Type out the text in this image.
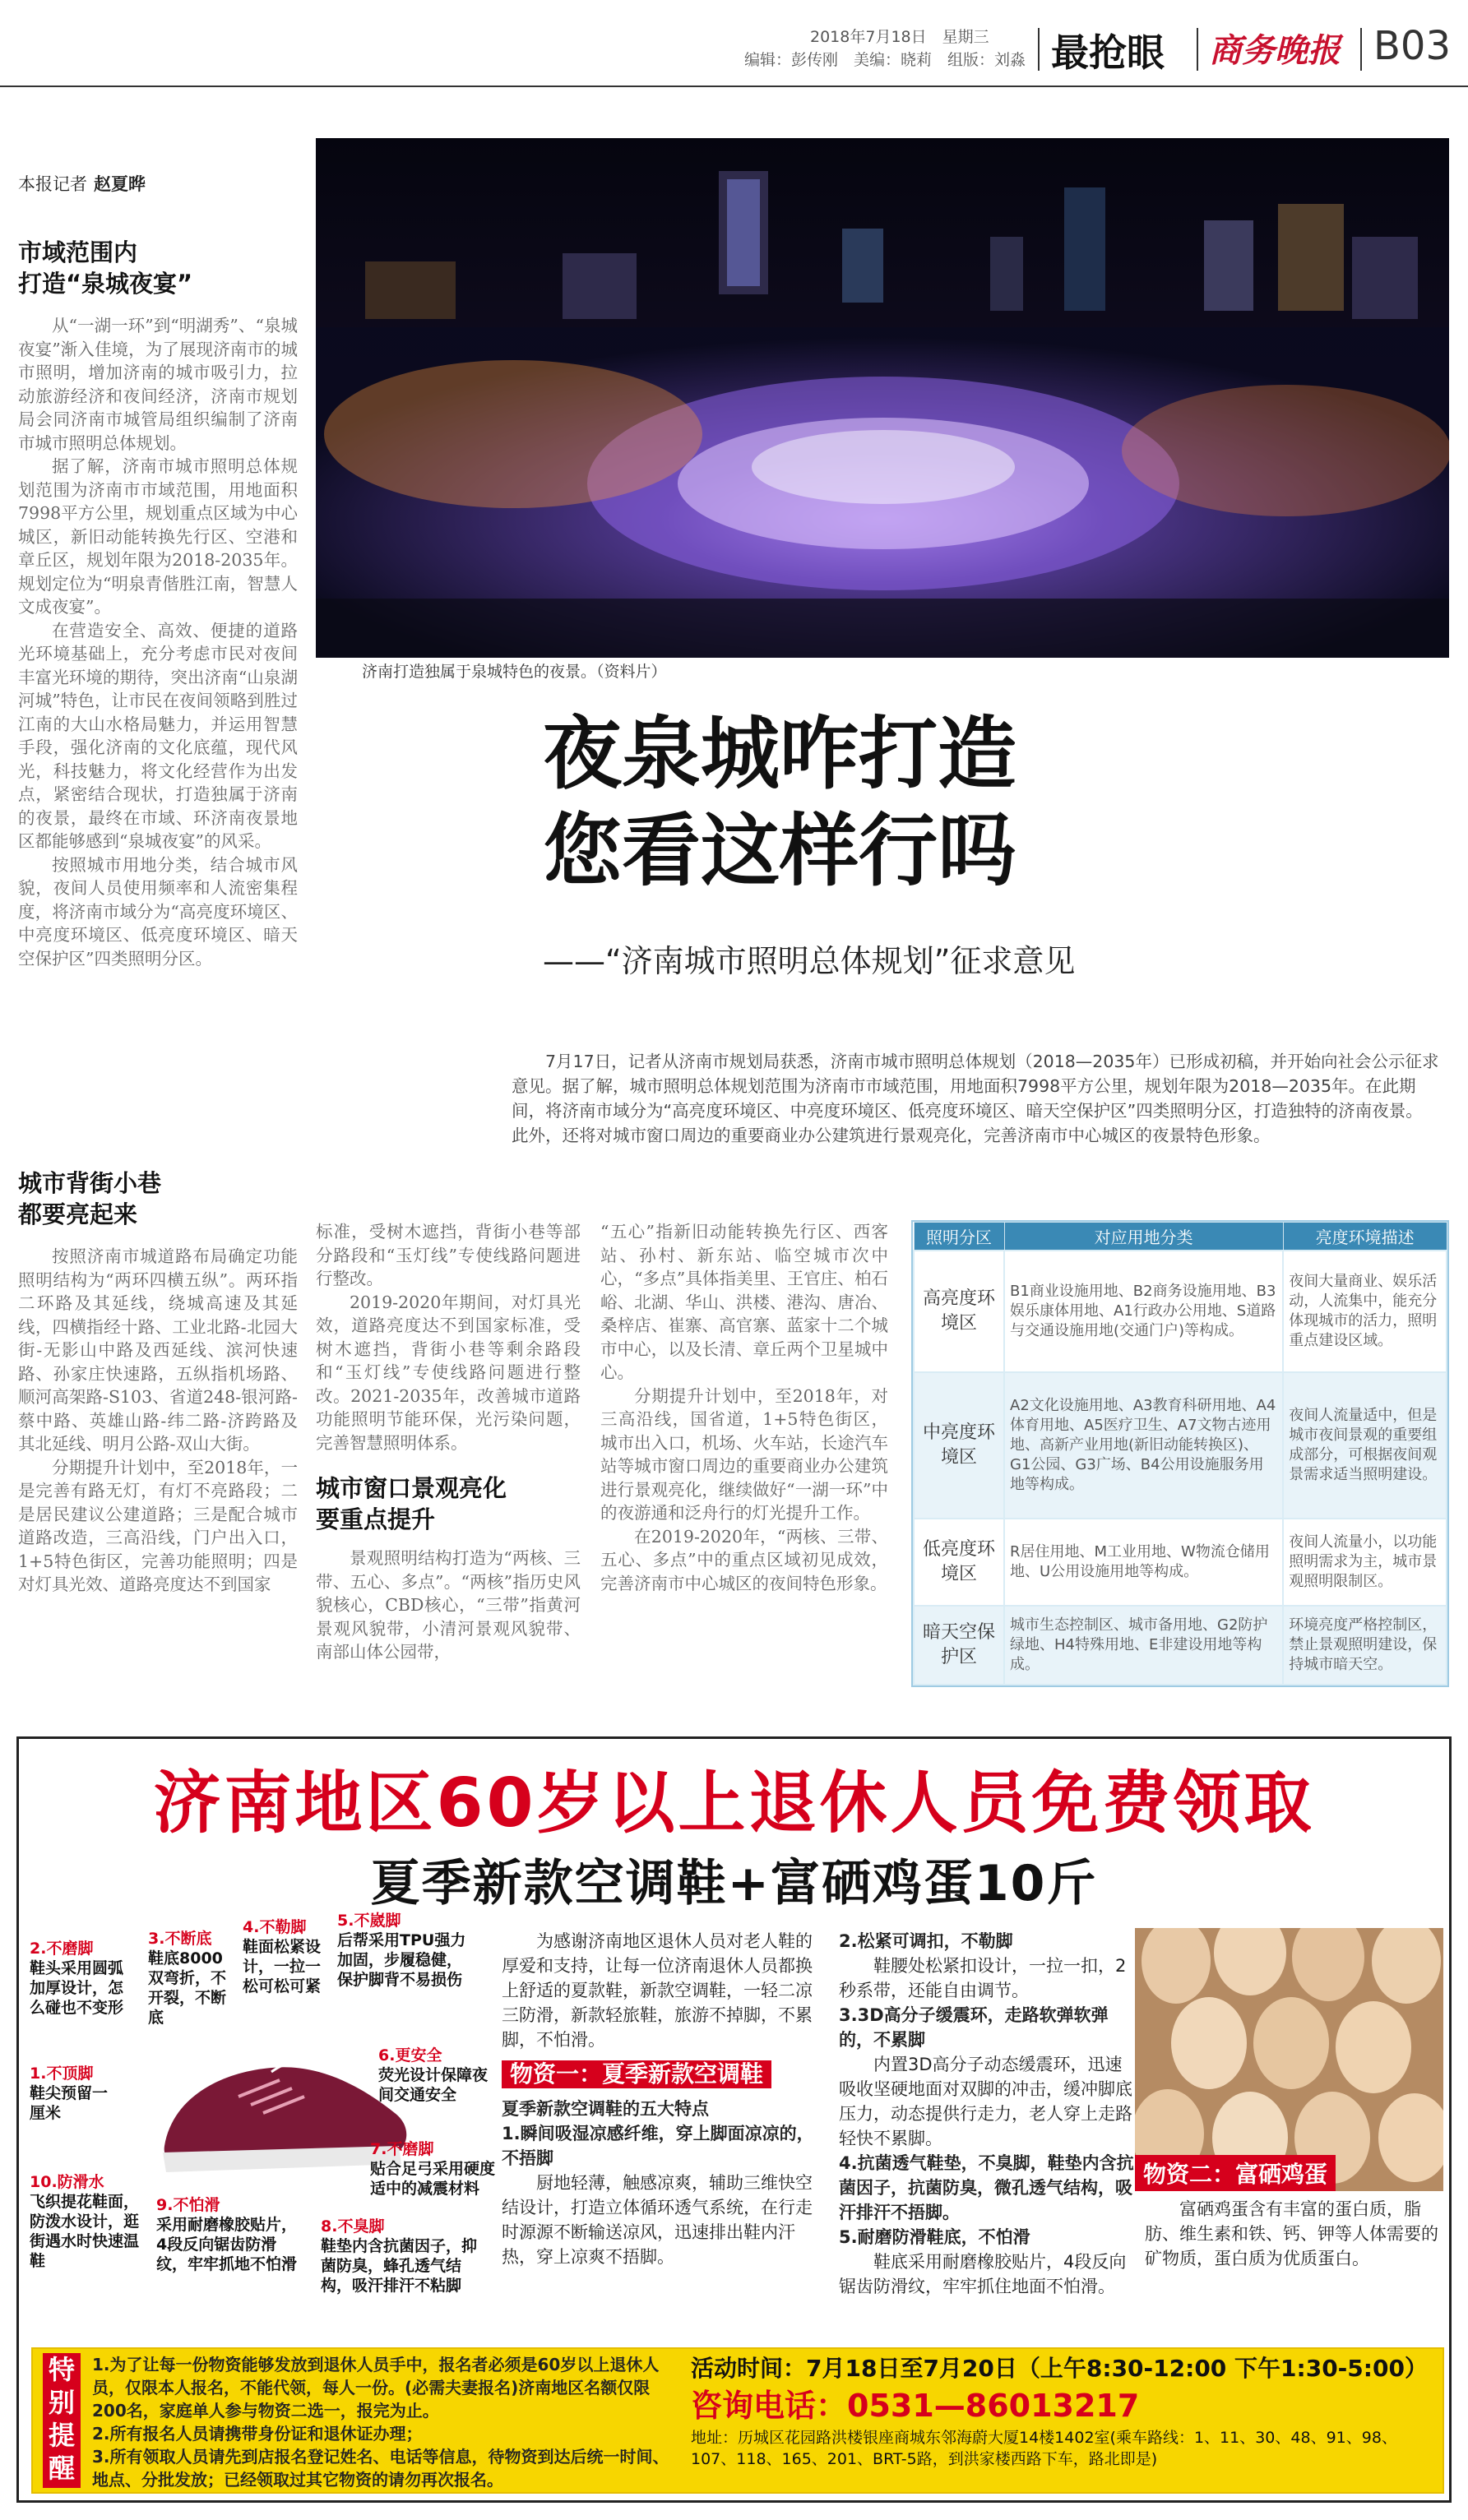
2018年7月18日　星期三
编辑：彭传刚　美编：晓莉　组版：刘淼 最抢眼 商务晚报 B03
本报记者 赵夏晔
市域范围内
打造“泉城夜宴”

从“一湖一环”到“明湖秀”、“泉城夜宴”渐入佳境，为了展现济南市的城市照明，增加济南的城市吸引力，拉动旅游经济和夜间经济，济南市规划局会同济南市城管局组织编制了济南市城市照明总体规划。

据了解，济南市城市照明总体规划范围为济南市市域范围，用地面积7998平方公里，规划重点区域为中心城区，新旧动能转换先行区、空港和章丘区，规划年限为2018-2035年。规划定位为“明泉青偕胜江南，智慧人文成夜宴”。

在营造安全、高效、便捷的道路光环境基础上，充分考虑市民对夜间丰富光环境的期待，突出济南“山泉湖河城”特色，让市民在夜间领略到胜过江南的大山水格局魅力，并运用智慧手段，强化济南的文化底蕴，现代风光，科技魅力，将文化经营作为出发点，紧密结合现状，打造独属于济南的夜景，最终在市域、环济南夜景地区都能够感到“泉城夜宴”的风采。

按照城市用地分类，结合城市风貌，夜间人员使用频率和人流密集程度，将济南市域分为“高亮度环境区、中亮度环境区、低亮度环境区、暗天空保护区”四类照明分区。

城市背街小巷
都要亮起来

按照济南市城道路布局确定功能照明结构为“两环四横五纵”。两环指二环路及其延线，绕城高速及其延线，四横指经十路、工业北路-北园大街-无影山中路及西延线、滨河快速路、孙家庄快速路，五纵指机场路、顺河高架路-S103、省道248-银河路-蔡中路、英雄山路-纬二路-济跨路及其北延线、明月公路-双山大街。

分期提升计划中，至2018年，一是完善有路无灯，有灯不亮路段；二是居民建议公建道路；三是配合城市道路改造，三高沿线，门户出入口，1+5特色街区，完善功能照明；四是对灯具光效、道路亮度达不到国家

标准，受树木遮挡，背街小巷等部分路段和“玉灯线”专使线路问题进行整改。

2019-2020年期间，对灯具光效，道路亮度达不到国家标准，受树木遮挡，背街小巷等剩余路段和“玉灯线”专使线路问题进行整改。2021-2035年，改善城市道路功能照明节能环保，光污染问题，完善智慧照明体系。

城市窗口景观亮化
要重点提升

景观照明结构打造为“两核、三带、五心、多点”。“两核”指历史风貌核心，CBD核心，“三带”指黄河景观风貌带，小清河景观风貌带、南部山体公园带，

“五心”指新旧动能转换先行区、西客站、孙村、新东站、临空城市次中心，“多点”具体指美里、王官庄、柏石峪、北湖、华山、洪楼、港沟、唐冶、桑梓店、崔寨、高官寨、蓝家十二个城市中心，以及长清、章丘两个卫星城中心。

分期提升计划中，至2018年，对三高沿线，国省道，1+5特色街区，城市出入口，机场、火车站，长途汽车站等城市窗口周边的重要商业办公建筑进行景观亮化，继续做好“一湖一环”中的夜游通和泛舟行的灯光提升工作。

在2019-2020年，“两核、三带、五心、多点”中的重点区域初见成效，完善济南市中心城区的夜间特色形象。

济南打造独属于泉城特色的夜景。（资料片）
夜泉城咋打造
您看这样行吗
——“济南城市照明总体规划”征求意见

7月17日，记者从济南市规划局获悉，济南市城市照明总体规划（2018—2035年）已形成初稿，并开始向社会公示征求意见。据了解，城市照明总体规划范围为济南市市域范围，用地面积7998平方公里，规划年限为2018—2035年。在此期间，将济南市域分为“高亮度环境区、中亮度环境区、低亮度环境区、暗天空保护区”四类照明分区，打造独特的济南夜景。此外，还将对城市窗口周边的重要商业办公建筑进行景观亮化，完善济南市中心城区的夜景特色形象。

照明分区	对应用地分类	亮度环境描述
高亮度环境区	B1商业设施用地、B2商务设施用地、B3娱乐康体用地、A1行政办公用地、S道路与交通设施用地(交通门户)等构成。	夜间大量商业、娱乐活动，人流集中，能充分体现城市的活力，照明重点建设区域。
中亮度环境区	A2文化设施用地、A3教育科研用地、A4体育用地、A5医疗卫生、A7文物古迹用地、高新产业用地(新旧动能转换区)、G1公园、G3广场、B4公用设施服务用地等构成。	夜间人流量适中，但是城市夜间景观的重要组成部分，可根据夜间观景需求适当照明建设。
低亮度环境区	R居住用地、M工业用地、W物流仓储用地、U公用设施用地等构成。	夜间人流量小，以功能照明需求为主，城市景观照明限制区。
暗天空保护区	城市生态控制区、城市备用地、G2防护绿地、H4特殊用地、E非建设用地等构成。	环境亮度严格控制区，禁止景观照明建设，保持城市暗天空。
济南地区60岁以上退休人员免费领取
夏季新款空调鞋+富硒鸡蛋10斤
2.不磨脚
鞋头采用圆弧加厚设计，怎么碰也不变形
3.不断底
鞋底8000双弯折，不开裂，不断底
4.不勒脚
鞋面松紧设计，一拉一松可松可紧
5.不崴脚
后帮采用TPU强力加固，步履稳健，保护脚背不易损伤
6.更安全
荧光设计保障夜间交通安全
1.不顶脚
鞋尖预留一厘米
7.不磨脚
贴合足弓采用硬度适中的减震材料
10.防滑水
飞织提花鞋面，防泼水设计，逛街遇水时快速温鞋
9.不怕滑
采用耐磨橡胶贴片，4段反向锯齿防滑纹，牢牢抓地不怕滑
8.不臭脚
鞋垫内含抗菌因子，抑菌防臭，蜂孔透气结构，吸汗排汗不粘脚
为感谢济南地区退休人员对老人鞋的厚爱和支持，让每一位济南退休人员都换上舒适的夏款鞋，新款空调鞋，一轻二凉三防滑，新款轻旅鞋，旅游不掉脚，不累脚，不怕滑。
物资一：夏季新款空调鞋
夏季新款空调鞋的五大特点
1.瞬间吸湿凉感纤维，穿上脚面凉凉的，不捂脚
厨地轻薄，触感凉爽，辅助三维快空结设计，打造立体循环透气系统，在行走时源源不断输送凉风，迅速排出鞋内汗热，穿上凉爽不捂脚。
2.松紧可调扣，不勒脚
鞋腰处松紧扣设计，一拉一扣，2秒系带，还能自由调节。
3.3D高分子缓震环，走路软弹软弹的，不累脚
内置3D高分子动态缓震环，迅速吸收坚硬地面对双脚的冲击，缓冲脚底压力，动态提供行走力，老人穿上走路轻快不累脚。
4.抗菌透气鞋垫，不臭脚，鞋垫内含抗菌因子，抗菌防臭，微孔透气结构，吸汗排汗不捂脚。
5.耐磨防滑鞋底，不怕滑
鞋底采用耐磨橡胶贴片，4段反向锯齿防滑纹，牢牢抓住地面不怕滑。
物资二：富硒鸡蛋
富硒鸡蛋含有丰富的蛋白质，脂肪、维生素和铁、钙、钾等人体需要的矿物质，蛋白质为优质蛋白。
特别提醒
1.为了让每一份物资能够发放到退休人员手中，报名者必须是60岁以上退休人员，仅限本人报名，不能代领，每人一份。(必需夫妻报名)济南地区名额仅限200名，家庭单人参与物资二选一，报完为止。
2.所有报名人员请携带身份证和退休证办理；
3.所有领取人员请先到店报名登记姓名、电话等信息，待物资到达后统一时间、地点、分批发放；已经领取过其它物资的请勿再次报名。
活动时间：7月18日至7月20日（上午8:30-12:00 下午1:30-5:00）
咨询电话：0531—86013217
地址：历城区花园路洪楼银座商城东邻海蔚大厦14楼1402室(乘车路线：1、11、30、48、91、98、107、118、165、201、BRT-5路，到洪家楼西路下车，路北即是)
